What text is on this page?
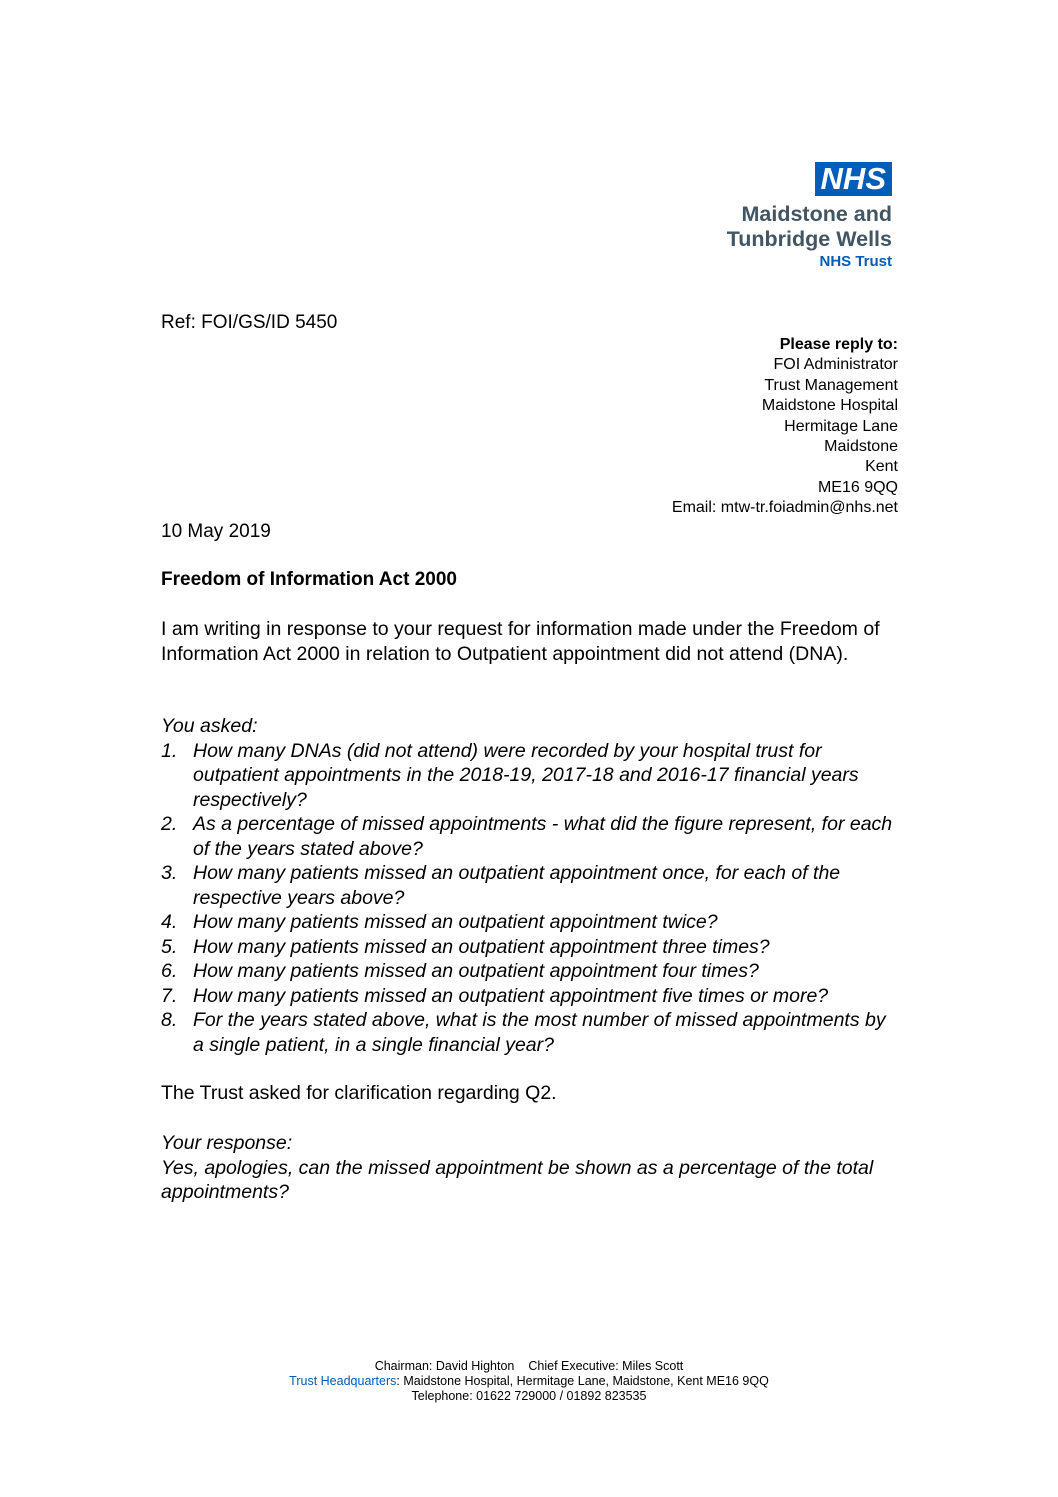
NHS
Maidstone and
Tunbridge Wells
NHS Trust
Ref: FOI/GS/ID 5450
Please reply to:
FOI Administrator
Trust Management
Maidstone Hospital
Hermitage Lane
Maidstone
Kent
ME16 9QQ
Email: mtw-tr.foiadmin@nhs.net
10 May 2019
Freedom of Information Act 2000
I am writing in response to your request for information made under the Freedom of Information Act 2000 in relation to Outpatient appointment did not attend (DNA).
You asked:
1. How many DNAs (did not attend) were recorded by your hospital trust for outpatient appointments in the 2018-19, 2017-18 and 2016-17 financial years respectively?
2. As a percentage of missed appointments - what did the figure represent, for each of the years stated above?
3. How many patients missed an outpatient appointment once, for each of the respective years above?
4. How many patients missed an outpatient appointment twice?
5. How many patients missed an outpatient appointment three times?
6. How many patients missed an outpatient appointment four times?
7. How many patients missed an outpatient appointment five times or more?
8. For the years stated above, what is the most number of missed appointments by a single patient, in a single financial year?
The Trust asked for clarification regarding Q2.
Your response:
Yes, apologies, can the missed appointment be shown as a percentage of the total appointments?
Chairman: David Highton Chief Executive: Miles Scott
Trust Headquarters: Maidstone Hospital, Hermitage Lane, Maidstone, Kent ME16 9QQ
Telephone: 01622 729000 / 01892 823535
